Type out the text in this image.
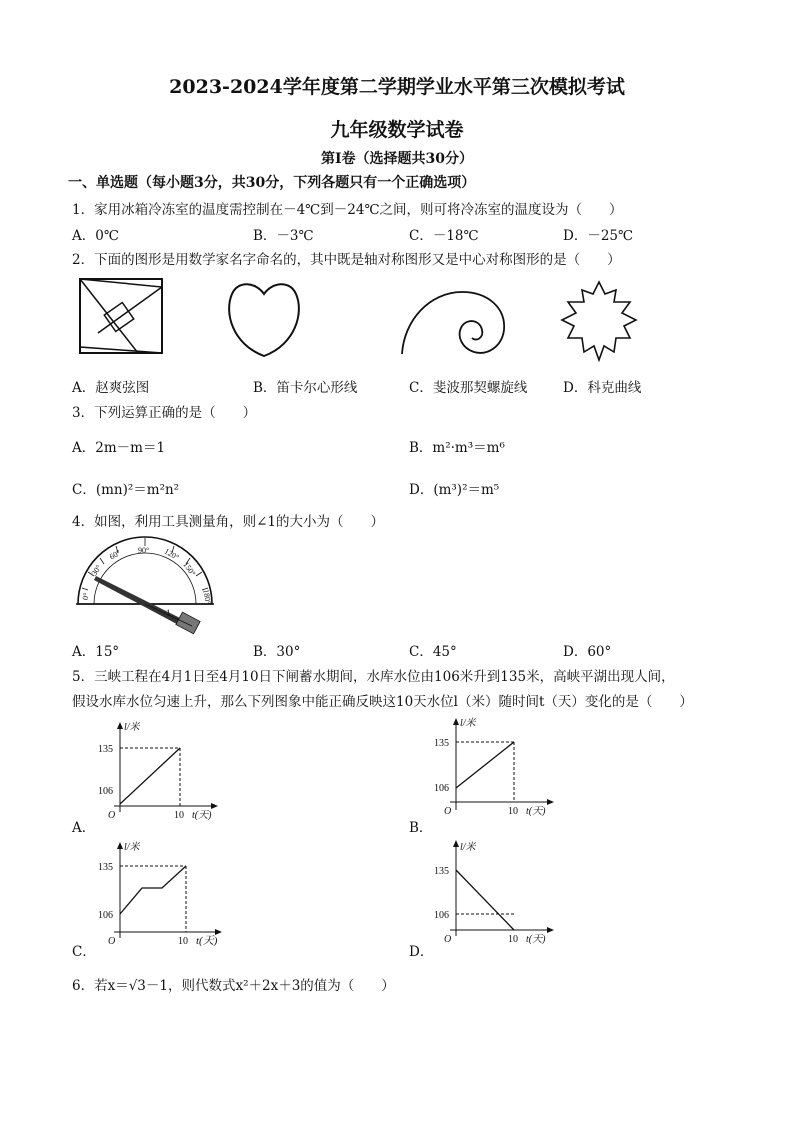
2023-2024学年度第二学期学业水平第三次模拟考试
九年级数学试卷
第Ⅰ卷（选择题共30分）
一、单选题（每小题3分，共30分，下列各题只有一个正确选项）
1．家用冰箱冷冻室的温度需控制在－4℃到－24℃之间，则可将冷冻室的温度设为（　　）
A．0℃	B．－3℃	C．－18℃	D．－25℃
2．下面的图形是用数学家名字命名的，其中既是轴对称图形又是中心对称图形的是（　　）
A．赵爽弦图	B．笛卡尔心形线	C．斐波那契螺旋线	D．科克曲线
3．下列运算正确的是（　　）
A．2m－m＝1	B．m²·m³＝m⁶
C．(mn)²＝m²n²	D．(m³)²＝m⁵
4．如图，利用工具测量角，则∠1的大小为（　　）
0°
30°
60° 90° 120°
150°
180°
1
A．15°	B．30°	C．45°	D．60°
5．三峡工程在4月1日至4月10日下闸蓄水期间，水库水位由106米升到135米，高峡平湖出现人间，
假设水库水位匀速上升，那么下列图象中能正确反映这10天水位l（米）随时间t（天）变化的是（　　）
l/米
135
106
O	10 t(天)
A．
l/米
135
106
O	10 t(天)
B．
l/米
135
106
O	10 t(天)
C．
l/米
135
106
O	10 t(天)
D．
6．若x＝√3－1，则代数式x²＋2x＋3的值为（　　）
